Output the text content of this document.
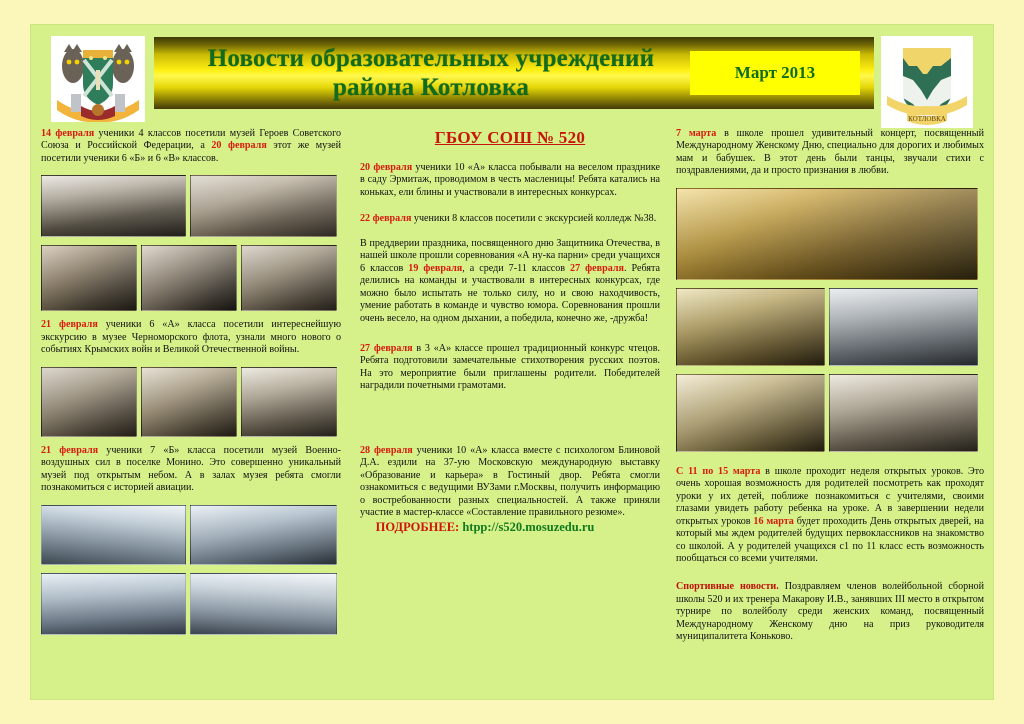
Новости образовательных учреждений
района Котловка
Март 2013
КОТЛОВКА

14 февраля ученики 4 классов посетили музей Героев Советского Союза и Российской Федерации, а 20 февраля этот же музей посетили ученики 6 «Б» и 6 «В» классов.

21 февраля ученики 6 «А» класса посетили интереснейшую экскурсию в музее Черноморского флота, узнали много нового о событиях Крымских войн и Великой Отечественной войны.

21 февраля ученики 7 «Б» класса посетили музей Военно-воздушных сил в поселке Монино. Это совершенно уникальный музей под открытым небом. А в залах музея ребята смогли познакомиться с историей авиации.

ГБОУ СОШ № 520

20 февраля ученики 10 «А» класса побывали на веселом празднике в саду Эрмитаж, проводимом в честь масленицы! Ребята катались на коньках, ели блины и участвовали в интересных конкурсах.

22 февраля ученики 8 классов посетили с экскурсией колледж №38.

В преддверии праздника, посвященного дню Защитника Отечества, в нашей школе прошли соревнования «А ну-ка парни» среди учащихся 6 классов 19 февраля, а среди 7-11 классов 27 февраля. Ребята делились на команды и участвовали в интересных конкурсах, где можно было испытать не только силу, но и свою находчивость, умение работать в команде и чувство юмора. Соревнования прошли очень весело, на одном дыхании, а победила, конечно же, -дружба!

27 февраля в 3 «А» классе прошел традиционный конкурс чтецов. Ребята подготовили замечательные стихотворения русских поэтов. На это мероприятие были приглашены родители. Победителей наградили почетными грамотами.

28 февраля ученики 10 «А» класса вместе с психологом Блиновой Д.А. ездили на 37-ую Московскую международную выставку «Образование и карьера» в Гостиный двор. Ребята смогли ознакомиться с ведущими ВУЗами г.Москвы, получить информацию о востребованности разных специальностей. А также приняли участие в мастер-классе «Составление правильного резюме».

7 марта в школе прошел удивительный концерт, посвященный Международному Женскому Дню, специально для дорогих и любимых мам и бабушек. В этот день были танцы, звучали стихи с поздравлениями, да и просто признания в любви.

С 11 по 15 марта в школе проходит неделя открытых уроков. Это очень хорошая возможность для родителей посмотреть как проходят уроки у их детей, поближе познакомиться с учителями, своими глазами увидеть работу ребенка на уроке. А в завершении недели открытых уроков 16 марта будет проходить День открытых дверей, на который мы ждем родителей будущих первоклассников на знакомство со школой. А у родителей учащихся с1 по 11 класс есть возможность пообщаться со всеми учителями.

Спортивные новости. Поздравляем членов волейбольной сборной школы 520 и их тренера Макарову И.В., занявших III место в открытом турнире по волейболу среди женских команд, посвященный Международному Женскому дню на приз руководителя муниципалитета Коньково.

ПОДРОБНЕЕ: htpp://s520.mosuzedu.ru
